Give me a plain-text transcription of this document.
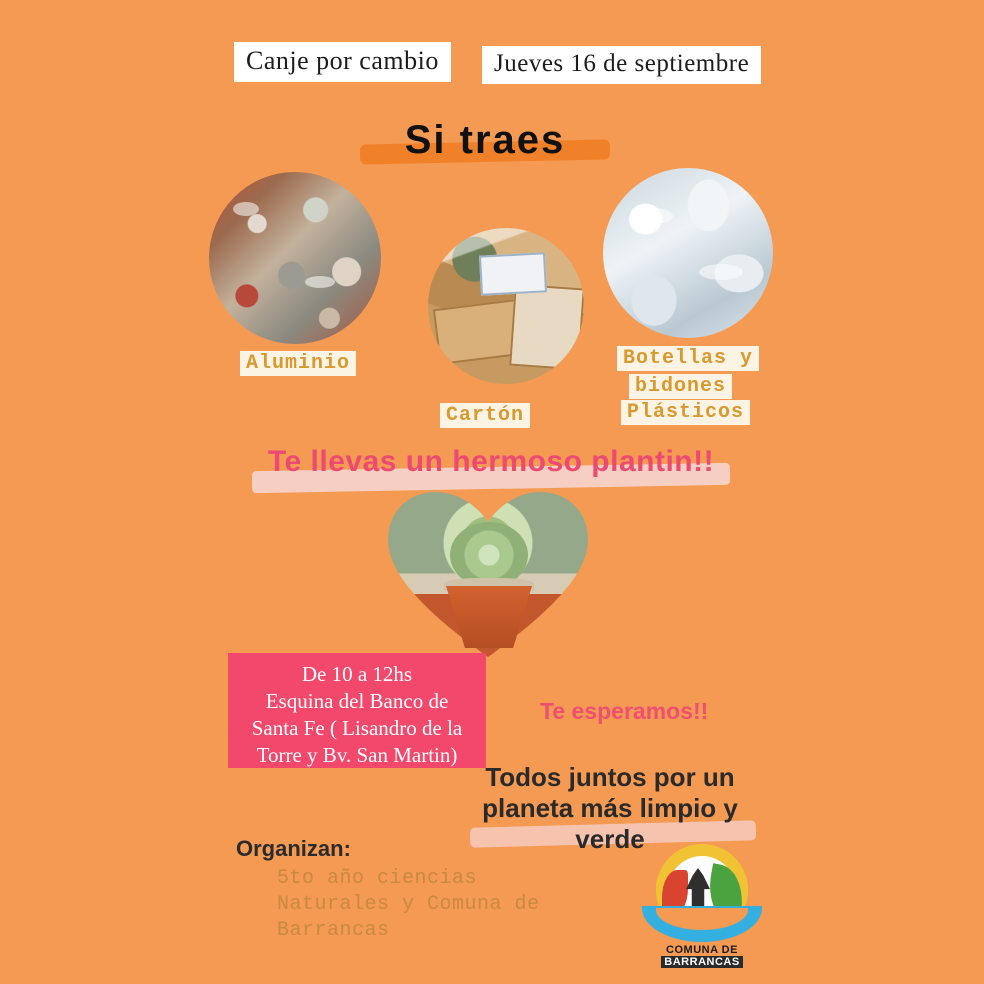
Canje por cambio	Jueves 16 de septiembre
Si traes
Aluminio
Cartón
Botellas y
bidones
Plásticos
Te llevas un hermoso plantin!!
De 10 a 12hs
Esquina del Banco de
Santa Fe ( Lisandro de la
Torre y Bv. San Martin)
Te esperamos!!
Todos juntos por un
planeta más limpio y
verde
Organizan:
5to año ciencias
Naturales y Comuna de
Barrancas
COMUNA DE BARRANCAS
